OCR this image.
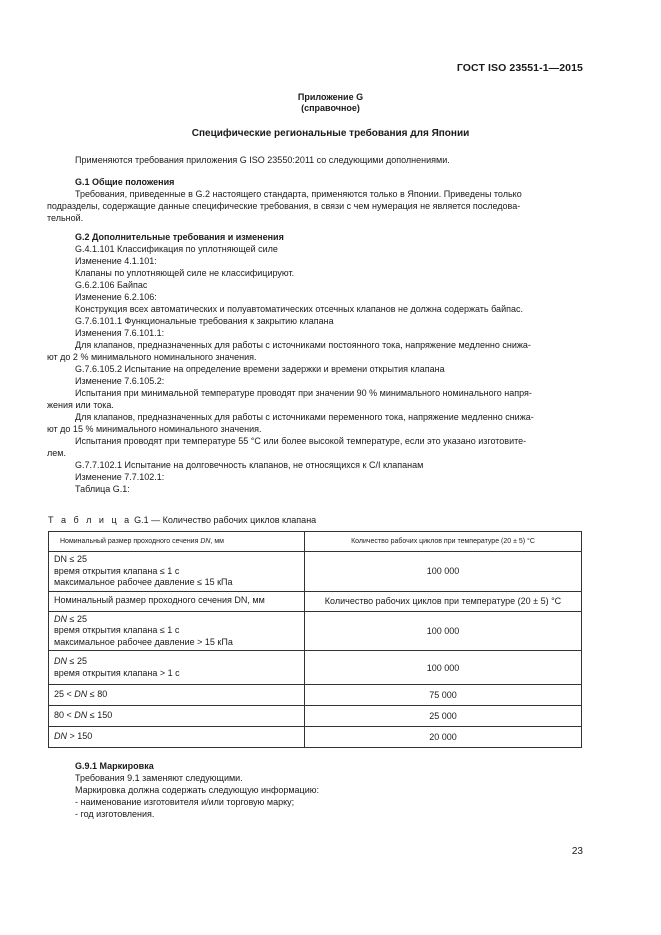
ГОСТ ISO 23551-1—2015
Приложение G
(справочное)
Специфические региональные требования для Японии
Применяются требования приложения G ISO 23550:2011 со следующими дополнениями.
G.1 Общие положения
Требования, приведенные в G.2 настоящего стандарта, применяются только в Японии. Приведены только
подразделы, содержащие данные специфические требования, в связи с чем нумерация не является последова-
тельной.
G.2 Дополнительные требования и изменения
G.4.1.101 Классификация по уплотняющей силе
Изменение 4.1.101:
Клапаны по уплотняющей силе не классифицируют.
G.6.2.106 Байпас
Изменение 6.2.106:
Конструкция всех автоматических и полуавтоматических отсечных клапанов не должна содержать байпас.
G.7.6.101.1 Функциональные требования к закрытию клапана
Изменения 7.6.101.1:
Для клапанов, предназначенных для работы с источниками постоянного тока, напряжение медленно снижа-
ют до 2 % минимального номинального значения.
G.7.6.105.2 Испытание на определение времени задержки и времени открытия клапана
Изменение 7.6.105.2:
Испытания при минимальной температуре проводят при значении 90 % минимального номинального напря-
жения или тока.
Для клапанов, предназначенных для работы с источниками переменного тока, напряжение медленно снижа-
ют до 15 % минимального номинального значения.
Испытания проводят при температуре 55 °С или более высокой температуре, если это указано изготовите-
лем.
G.7.7.102.1 Испытание на долговечность клапанов, не относящихся к С/I клапанам
Изменение 7.7.102.1:
Таблица G.1:
Т а б л и ц а G.1 — Количество рабочих циклов клапана
Номинальный размер проходного сечения DN, мм	Количество рабочих циклов при температуре (20 ± 5) °С

DN ≤ 25
время открытия клапана ≤ 1 с
максимальное рабочее давление ≤ 15 кПа	100 000
Номинальный размер проходного сечения DN, мм	Количество рабочих циклов при температуре (20 ± 5) °С

DN ≤ 25
время открытия клапана ≤ 1 с
максимальное рабочее давление > 15 кПа	100 000

DN ≤ 25
время открытия клапана > 1 с	100 000
25 < DN ≤ 80	75 000
80 < DN ≤ 150	25 000
DN > 150	20 000
G.9.1 Маркировка
Требования 9.1 заменяют следующими.
Маркировка должна содержать следующую информацию:
- наименование изготовителя и/или торговую марку;
- год изготовления.
23
